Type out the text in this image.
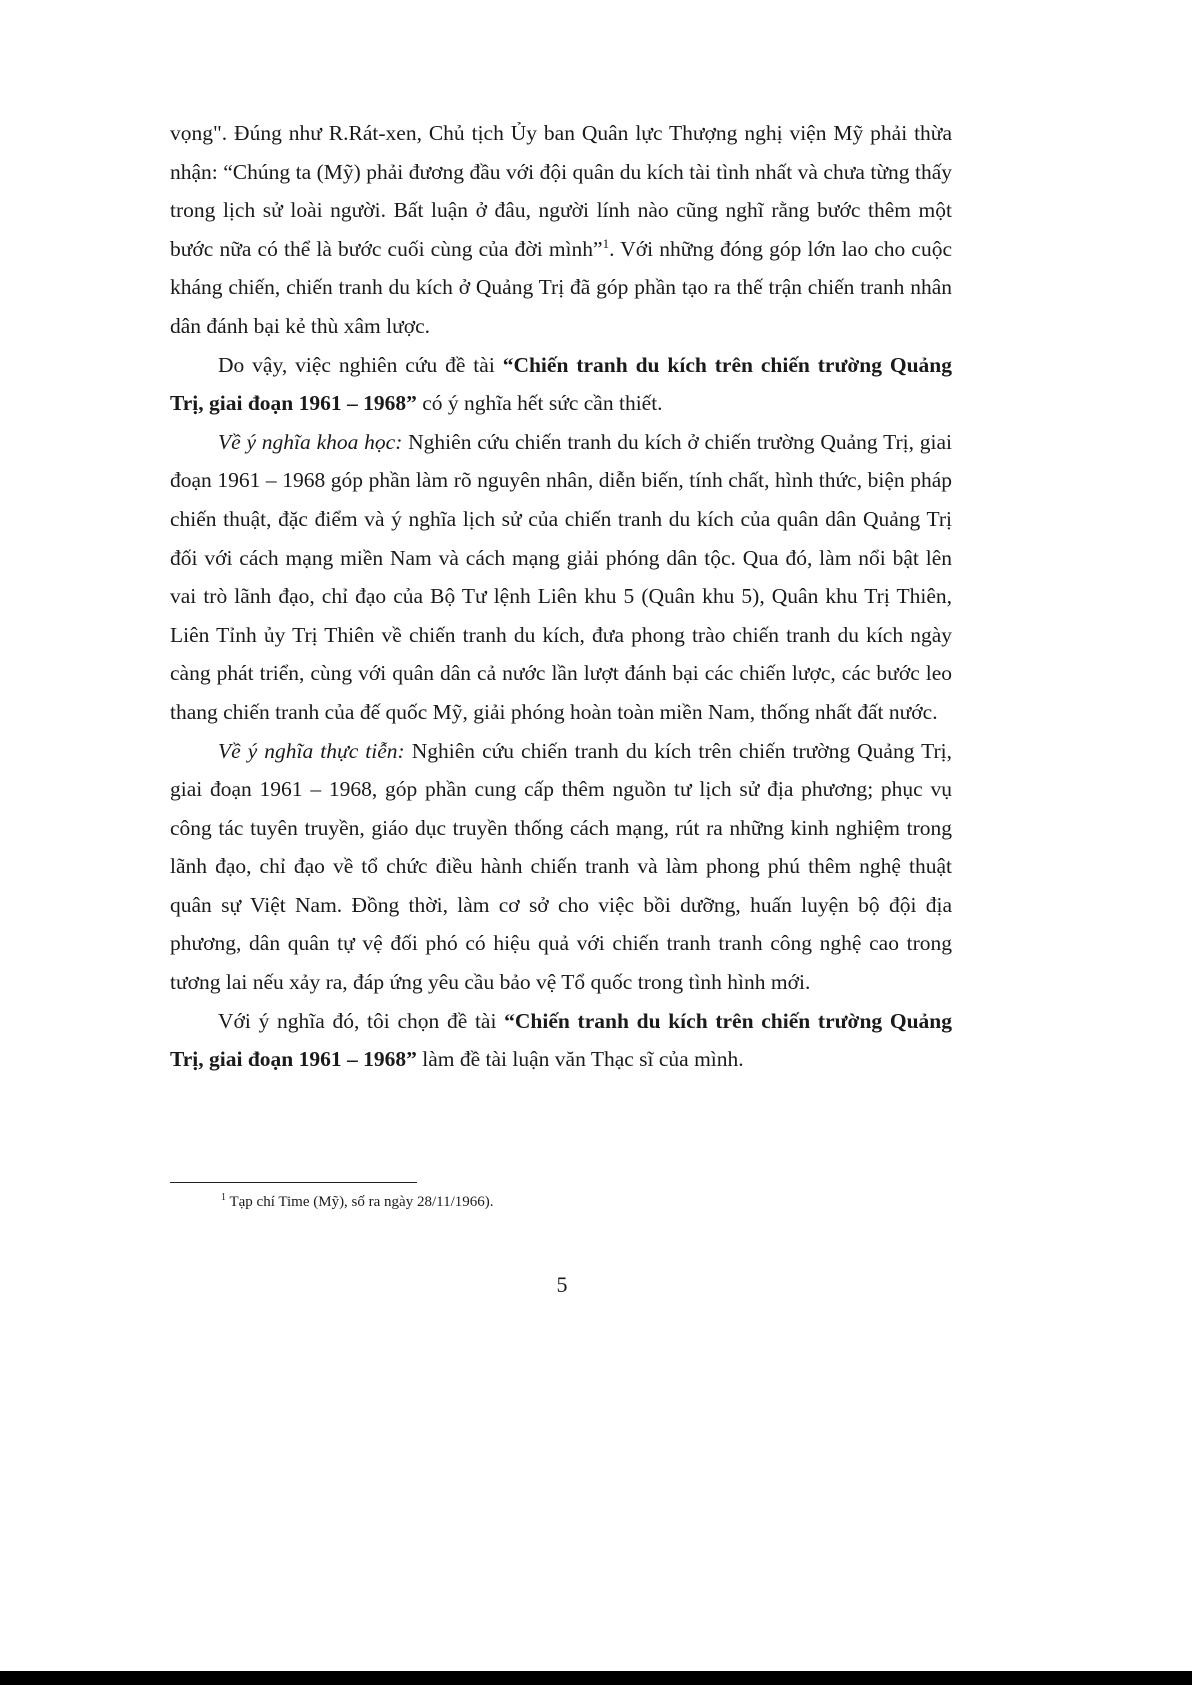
vọng". Đúng như R.Rát-xen, Chủ tịch Ủy ban Quân lực Thượng nghị viện Mỹ phải thừa nhận: “Chúng ta (Mỹ) phải đương đầu với đội quân du kích tài tình nhất và chưa từng thấy trong lịch sử loài người. Bất luận ở đâu, người lính nào cũng nghĩ rằng bước thêm một bước nữa có thể là bước cuối cùng của đời mình”$^1$. Với những đóng góp lớn lao cho cuộc kháng chiến, chiến tranh du kích ở Quảng Trị đã góp phần tạo ra thế trận chiến tranh nhân dân đánh bại kẻ thù xâm lược.

Do vậy, việc nghiên cứu đề tài “Chiến tranh du kích trên chiến trường Quảng Trị, giai đoạn 1961 – 1968” có ý nghĩa hết sức cần thiết.

Về ý nghĩa khoa học: Nghiên cứu chiến tranh du kích ở chiến trường Quảng Trị, giai đoạn 1961 – 1968 góp phần làm rõ nguyên nhân, diễn biến, tính chất, hình thức, biện pháp chiến thuật, đặc điểm và ý nghĩa lịch sử của chiến tranh du kích của quân dân Quảng Trị đối với cách mạng miền Nam và cách mạng giải phóng dân tộc. Qua đó, làm nổi bật lên vai trò lãnh đạo, chỉ đạo của Bộ Tư lệnh Liên khu 5 (Quân khu 5), Quân khu Trị Thiên, Liên Tỉnh ủy Trị Thiên về chiến tranh du kích, đưa phong trào chiến tranh du kích ngày càng phát triển, cùng với quân dân cả nước lần lượt đánh bại các chiến lược, các bước leo thang chiến tranh của đế quốc Mỹ, giải phóng hoàn toàn miền Nam, thống nhất đất nước.

Về ý nghĩa thực tiễn: Nghiên cứu chiến tranh du kích trên chiến trường Quảng Trị, giai đoạn 1961 – 1968, góp phần cung cấp thêm nguồn tư lịch sử địa phương; phục vụ công tác tuyên truyền, giáo dục truyền thống cách mạng, rút ra những kinh nghiệm trong lãnh đạo, chỉ đạo về tổ chức điều hành chiến tranh và làm phong phú thêm nghệ thuật quân sự Việt Nam. Đồng thời, làm cơ sở cho việc bồi dưỡng, huấn luyện bộ đội địa phương, dân quân tự vệ đối phó có hiệu quả với chiến tranh tranh công nghệ cao trong tương lai nếu xảy ra, đáp ứng yêu cầu bảo vệ Tổ quốc trong tình hình mới.

Với ý nghĩa đó, tôi chọn đề tài “Chiến tranh du kích trên chiến trường Quảng Trị, giai đoạn 1961 – 1968” làm đề tài luận văn Thạc sĩ của mình.

$^1$ Tạp chí Time (Mỹ), số ra ngày 28/11/1966).
5
